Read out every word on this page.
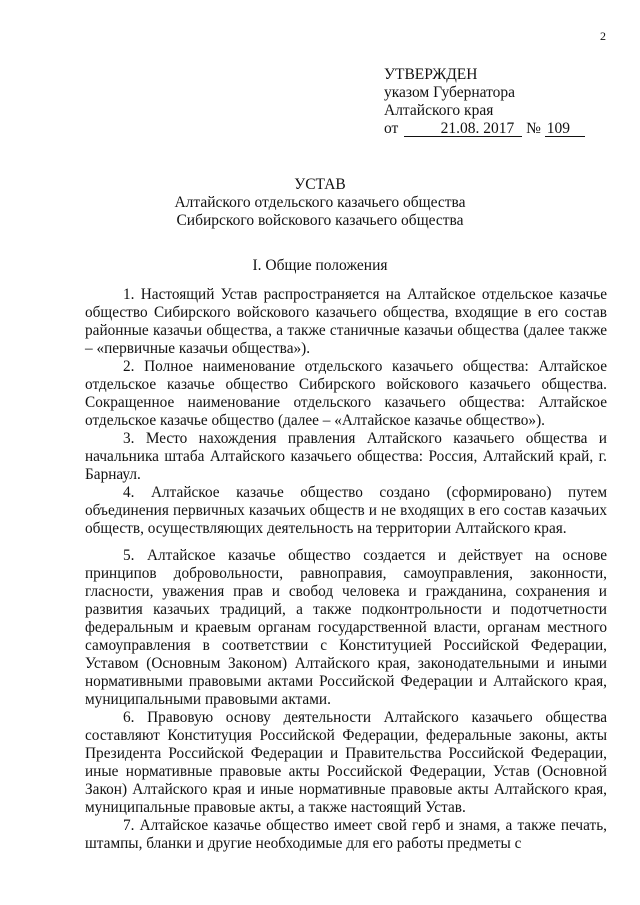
2
УТВЕРЖДЕН
указом Губернатора
Алтайского края
от	21.08. 2017 № 109
УСТАВ
Алтайского отдельского казачьего общества
Сибирского войскового казачьего общества
I. Общие положения

1. Настоящий Устав распространяется на Алтайское отдельское казачье общество Сибирского войскового казачьего общества, входящие в его состав районные казачьи общества, а также станичные казачьи общества (далее также – «первичные казачьи общества»).

2. Полное наименование отдельского казачьего общества: Алтайское отдельское казачье общество Сибирского войскового казачьего общества. Сокращенное наименование отдельского казачьего общества: Алтайское отдельское казачье общество (далее – «Алтайское казачье общество»).

3. Место нахождения правления Алтайского казачьего общества и начальника штаба Алтайского казачьего общества: Россия, Алтайский край, г. Барнаул.

4. Алтайское казачье общество создано (сформировано) путем объединения первичных казачьих обществ и не входящих в его состав казачьих обществ, осуществляющих деятельность на территории Алтайского края.

5. Алтайское казачье общество создается и действует на основе принципов добровольности, равноправия, самоуправления, законности, гласности, уважения прав и свобод человека и гражданина, сохранения и развития казачьих традиций, а также подконтрольности и подотчетности федеральным и краевым органам государственной власти, органам местного самоуправления в соответствии с Конституцией Российской Федерации, Уставом (Основным Законом) Алтайского края, законодательными и иными нормативными правовыми актами Российской Федерации и Алтайского края, муниципальными правовыми актами.

6. Правовую основу деятельности Алтайского казачьего общества составляют Конституция Российской Федерации, федеральные законы, акты Президента Российской Федерации и Правительства Российской Федерации, иные нормативные правовые акты Российской Федерации, Устав (Основной Закон) Алтайского края и иные нормативные правовые акты Алтайского края, муниципальные правовые акты, а также настоящий Устав.

7. Алтайское казачье общество имеет свой герб и знамя, а также печать, штампы, бланки и другие необходимые для его работы предметы с
